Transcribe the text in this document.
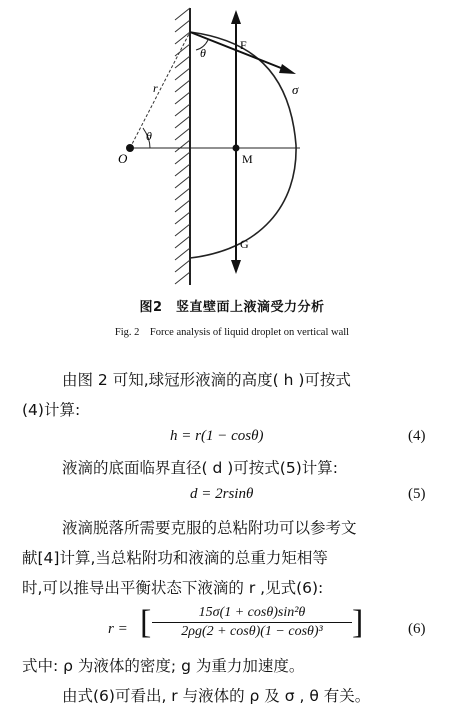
θ
F
σ
r
θ
O	M
G
图2　竖直壁面上液滴受力分析
Fig. 2　Force analysis of liquid droplet on vertical wall
由图 2 可知,球冠形液滴的高度( h )可按式
(4)计算:
h = r(1 − cosθ)	(4)
液滴的底面临界直径( d )可按式(5)计算:
d = 2rsinθ	(5)
液滴脱落所需要克服的总粘附功可以参考文
献[4]计算,当总粘附功和液滴的总重力矩相等
时,可以推导出平衡状态下液滴的 r ,见式(6):
r = [	15σ(1 + cosθ)sin²θ
2ρg(2 + cosθ)(1 − cosθ)³ ]	(6)
式中: ρ 为液体的密度; g 为重力加速度。
由式(6)可看出, r 与液体的 ρ 及 σ , θ 有关。
